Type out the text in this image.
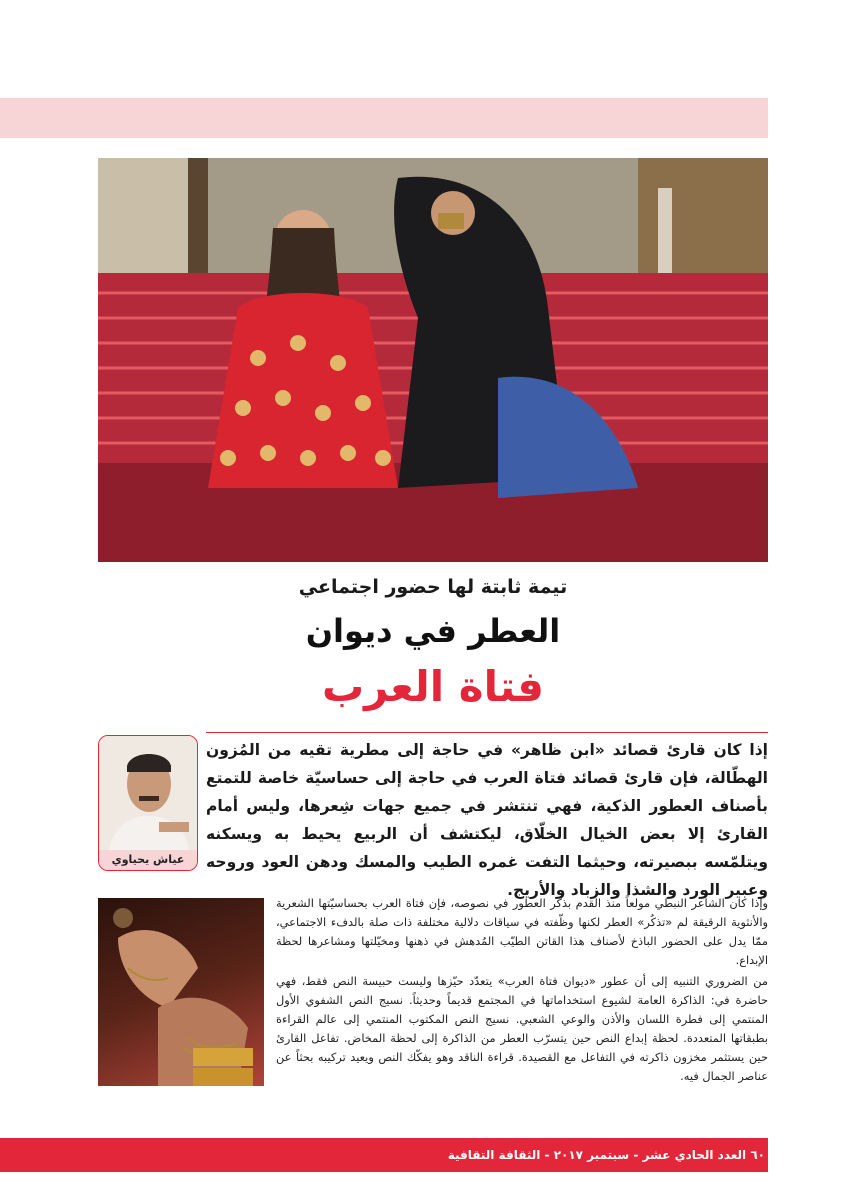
تيمة ثابتة لها حضور اجتماعي
العطر في ديوان
فتاة العرب
عياش يحياوي
إذا كان قارئ قصائد «ابن ظاهر» في حاجة إلى مطرية تقيه من المُزون الهطّالة، فإن قارئ قصائد فتاة العرب في حاجة إلى حساسيّة خاصة للتمتع بأصناف العطور الذكية، فهي تنتشر في جميع جهات شِعرها، وليس أمام القارئ إلا بعض الخيال الخلّاق، ليكتشف أن الربيع يحيط به ويسكنه ويتلمّسه ببصيرته، وحيثما التفت غمره الطيب والمسك ودهن العود وروحه وعبير الورد والشذا والزباد والأريج.

وإذا كان الشاعر النبطي مولعاً منذ القدم بذكر العطور في نصوصه، فإن فتاة العرب بحساسيّتها الشعرية والأنثوية الرقيقة لم «تذكُر» العطر لكنها وظّفته في سياقات دلالية مختلفة ذات صلة بالدفء الاجتماعي، ممّا يدل على الحضور الباذخ لأصناف هذا القاتن الطيّب المُدهش في ذهنها ومخيّلتها ومشاعرها لحظة الإبداع.

من الضروري التنبيه إلى أن عطور «ديوان فتاة العرب» يتعدّد حيّزها وليست حبيسة النص فقط، فهي حاضرة في: الذاكرة العامة لشيوع استخداماتها في المجتمع قديماً وحديثاً. نسيج النص الشفوي الأول المنتمي إلى فطرة اللسان والأذن والوعي الشعبي. نسيج النص المكتوب المنتمي إلى عالم القراءة بطبقاتها المتعددة. لحظة إبداع النص حين يتسرّب العطر من الذاكرة إلى لحظة المخاض. تفاعل القارئ حين يستثمر مخزون ذاكرته في التفاعل مع القصيدة. قراءة الناقد وهو يفكّك النص ويعيد تركيبه بحثاً عن عناصر الجمال فيه.

٦٠ العدد الحادي عشر - سبتمبر ٢٠١٧ - الثقافة التقافية
